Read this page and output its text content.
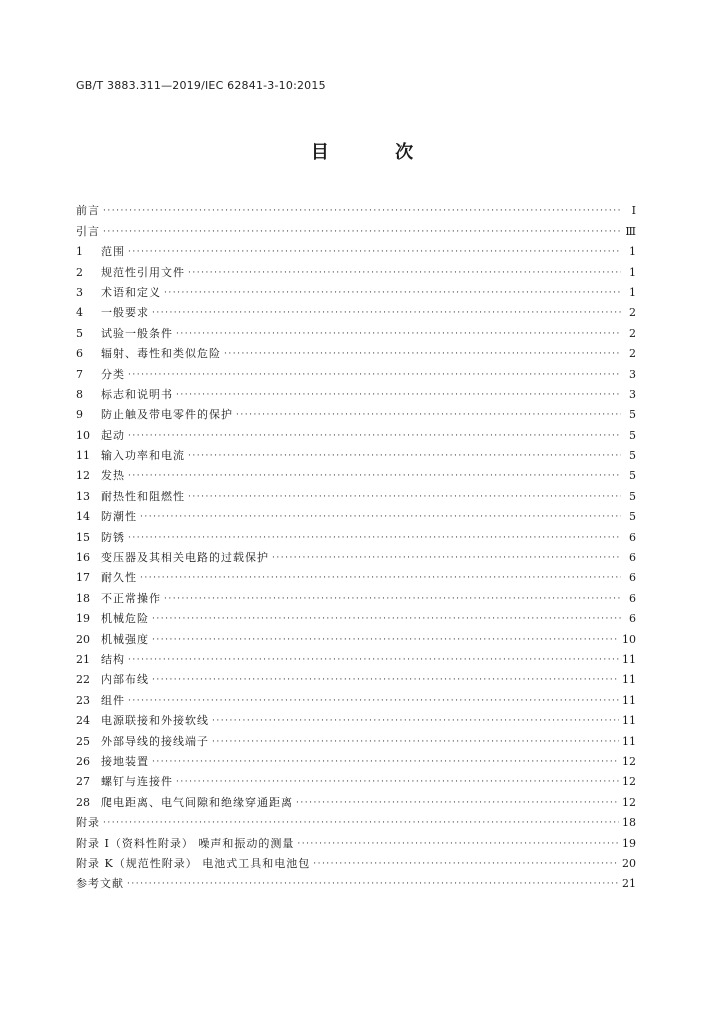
GB/T 3883.311—2019/IEC 62841-3-10:2015
目 次
前言 ·····	Ⅰ
引言 ·····	Ⅲ
1	范围 ·····	1
2	规范性引用文件 ·····	1
3	术语和定义 ·····	1
4	一般要求 ·····	2
5	试验一般条件 ·····	2
6	辐射、毒性和类似危险 ·····	2
7	分类 ·····	3
8	标志和说明书 ·····	3
9	防止触及带电零件的保护 ·····	5
10	起动 ·····	5
11	输入功率和电流 ·····	5
12	发热 ·····	5
13	耐热性和阻燃性 ·····	5
14	防潮性 ·····	5
15	防锈 ·····	6
16	变压器及其相关电路的过载保护 ·····	6
17	耐久性 ·····	6
18	不正常操作 ·····	6
19	机械危险 ·····	6
20	机械强度 ·····	10
21	结构 ·····	11
22	内部布线 ·····	11
23	组件 ·····	11
24	电源联接和外接软线 ·····	11
25	外部导线的接线端子 ·····	11
26	接地装置 ·····	12
27	螺钉与连接件 ·····	12
28	爬电距离、电气间隙和绝缘穿通距离 ·····	12
附录 ·····	18
附录 I（资料性附录） 噪声和振动的测量 ·····	19
附录 K（规范性附录） 电池式工具和电池包 ·····	20
参考文献 ·····	21
